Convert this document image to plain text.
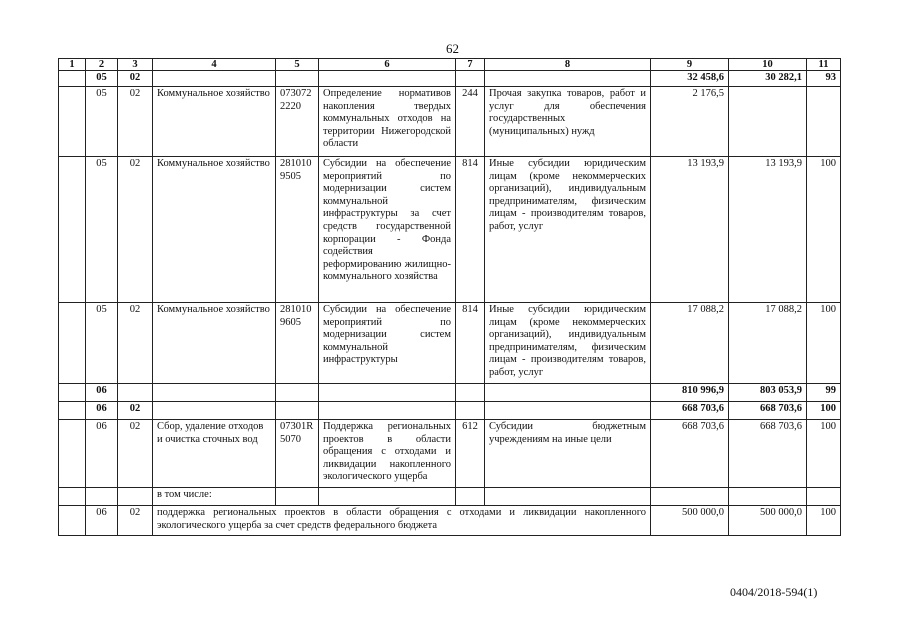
62
1	2	3	4	5	6	7	8	9	10	11
	05	02						32 458,6	30 282,1	93
	05	02	Коммунальное хозяйство	073072 2220	Определение нормативов накопления твердых коммунальных отходов на территории Нижегородской области	244	Прочая закупка товаров, работ и услуг для обеспечения государственных (муниципальных) нужд	2 176,5		
	05	02	Коммунальное хозяйство	281010 9505	Субсидии на обеспечение мероприятий по модернизации систем коммунальной инфраструктуры за счет средств государственной корпорации - Фонда содействия реформированию жилищно-коммунального хозяйства	814	Иные субсидии юридическим лицам (кроме некоммерческих организаций), индивидуальным предпринимателям, физическим лицам - производителям товаров, работ, услуг	13 193,9	13 193,9	100
	05	02	Коммунальное хозяйство	281010 9605	Субсидии на обеспечение мероприятий по модернизации систем коммунальной инфраструктуры	814	Иные субсидии юридическим лицам (кроме некоммерческих организаций), индивидуальным предпринимателям, физическим лицам - производителям товаров, работ, услуг	17 088,2	17 088,2	100
	06							810 996,9	803 053,9	99
	06	02						668 703,6	668 703,6	100
	06	02	Сбор, удаление отходов и очистка сточных вод	07301R 5070	Поддержка региональных проектов в области обращения с отходами и ликвидации накопленного экологического ущерба	612	Субсидии бюджетным учреждениям на иные цели	668 703,6	668 703,6	100
			в том числе:							
	06	02	поддержка региональных проектов в области обращения с отходами и ликвидации накопленного экологического ущерба за счет средств федерального бюджета					500 000,0	500 000,0	100
0404/2018-594(1)
